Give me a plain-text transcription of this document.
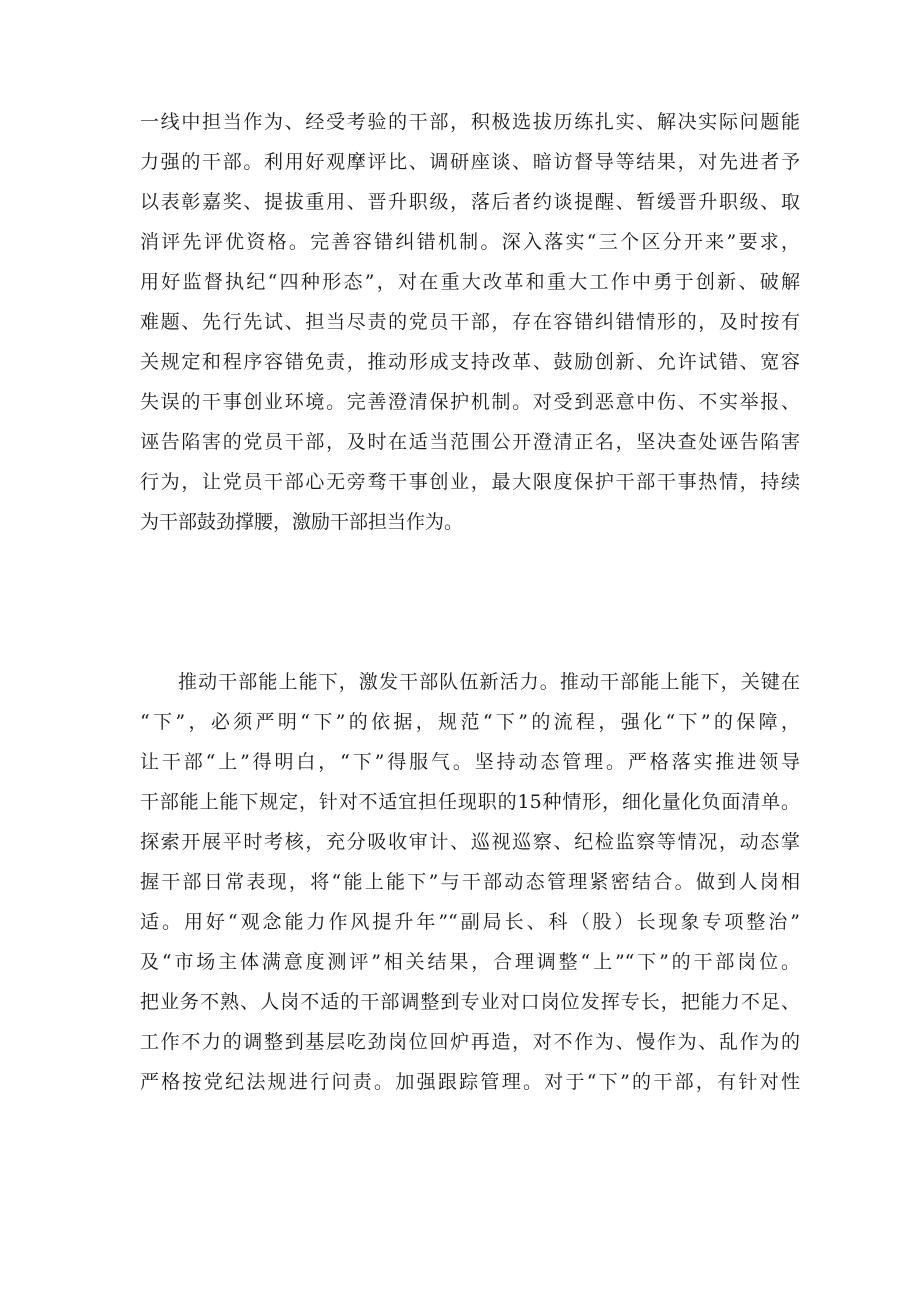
一线中担当作为、经受考验的干部，积极选拔历练扎实、解决实际问题能
力强的干部。利用好观摩评比、调研座谈、暗访督导等结果，对先进者予
以表彰嘉奖、提拔重用、晋升职级，落后者约谈提醒、暂缓晋升职级、取
消评先评优资格。完善容错纠错机制。深入落实“三个区分开来”要求，
用好监督执纪“四种形态”，对在重大改革和重大工作中勇于创新、破解
难题、先行先试、担当尽责的党员干部，存在容错纠错情形的，及时按有
关规定和程序容错免责，推动形成支持改革、鼓励创新、允许试错、宽容
失误的干事创业环境。完善澄清保护机制。对受到恶意中伤、不实举报、
诬告陷害的党员干部，及时在适当范围公开澄清正名，坚决查处诬告陷害
行为，让党员干部心无旁骛干事创业，最大限度保护干部干事热情，持续
为干部鼓劲撑腰，激励干部担当作为。
推动干部能上能下，激发干部队伍新活力。推动干部能上能下，关键在
“下”，必须严明“下”的依据，规范“下”的流程，强化“下”的保障，
让干部“上”得明白，“下”得服气。坚持动态管理。严格落实推进领导
干部能上能下规定，针对不适宜担任现职的15种情形，细化量化负面清单。
探索开展平时考核，充分吸收审计、巡视巡察、纪检监察等情况，动态掌
握干部日常表现，将“能上能下”与干部动态管理紧密结合。做到人岗相
适。用好“观念能力作风提升年”“副局长、科（股）长现象专项整治”
及“市场主体满意度测评”相关结果，合理调整“上”“下”的干部岗位。
把业务不熟、人岗不适的干部调整到专业对口岗位发挥专长，把能力不足、
工作不力的调整到基层吃劲岗位回炉再造，对不作为、慢作为、乱作为的
严格按党纪法规进行问责。加强跟踪管理。对于“下”的干部，有针对性
